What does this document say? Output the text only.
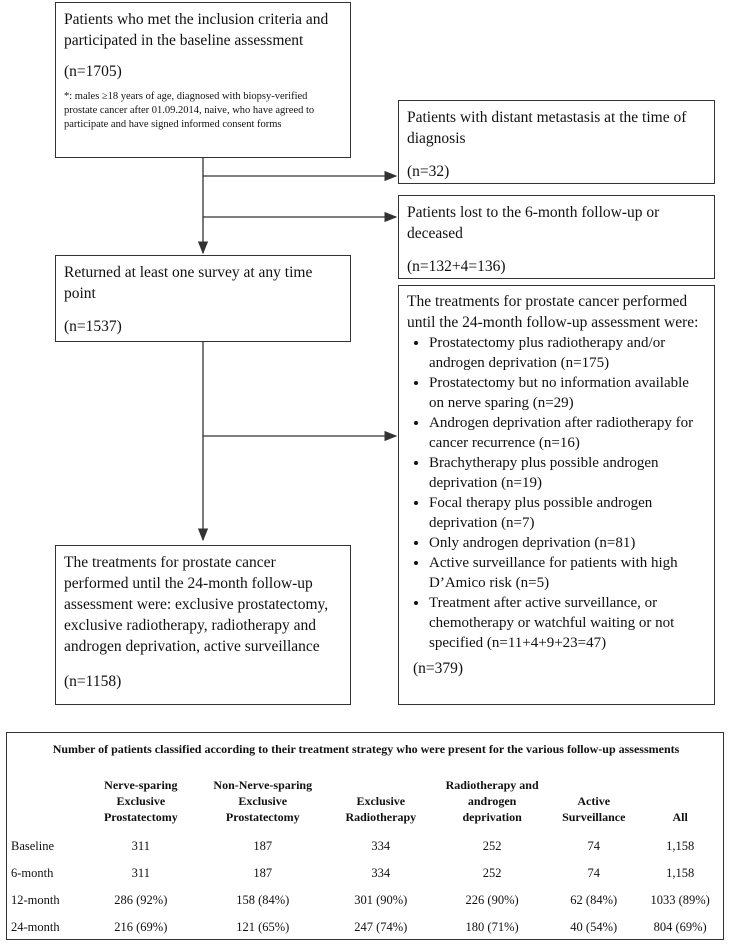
Patients who met the inclusion criteria and participated in the baseline assessment
(n=1705)
*: males ≥18 years of age, diagnosed with biopsy-verified prostate cancer after 01.09.2014, naive, who have agreed to participate and have signed informed consent forms	Patients with distant metastasis at the time of diagnosis
(n=32)
Patients lost to the 6-month follow-up or deceased
(n=132+4=136)
Returned at least one survey at any time point
(n=1537)
The treatments for prostate cancer performed until the 24-month follow-up assessment were:
• Prostatectomy plus radiotherapy and/or androgen deprivation (n=175)
• Prostatectomy but no information available on nerve sparing (n=29)
• Androgen deprivation after radiotherapy for cancer recurrence (n=16)
• Brachytherapy plus possible androgen deprivation (n=19)
• Focal therapy plus possible androgen deprivation (n=7)
• Only androgen deprivation (n=81)
• Active surveillance for patients with high D’Amico risk (n=5)
• Treatment after active surveillance, or chemotherapy or watchful waiting or not specified (n=11+4+9+23=47)
(n=379)
The treatments for prostate cancer performed until the 24-month follow-up assessment were: exclusive prostatectomy, exclusive radiotherapy, radiotherapy and androgen deprivation, active surveillance
(n=1158)
Number of patients classified according to their treatment strategy who were present for the various follow-up assessments
	Nerve-sparing Exclusive Prostatectomy	Non-Nerve-sparing Exclusive Prostatectomy	Exclusive Radiotherapy	Radiotherapy and androgen deprivation	Active Surveillance	All
Baseline	311	187	334	252	74	1,158
6-month	311	187	334	252	74	1,158
12-month	286 (92%)	158 (84%)	301 (90%)	226 (90%)	62 (84%)	1033 (89%)
24-month	216 (69%)	121 (65%)	247 (74%)	180 (71%)	40 (54%)	804 (69%)
